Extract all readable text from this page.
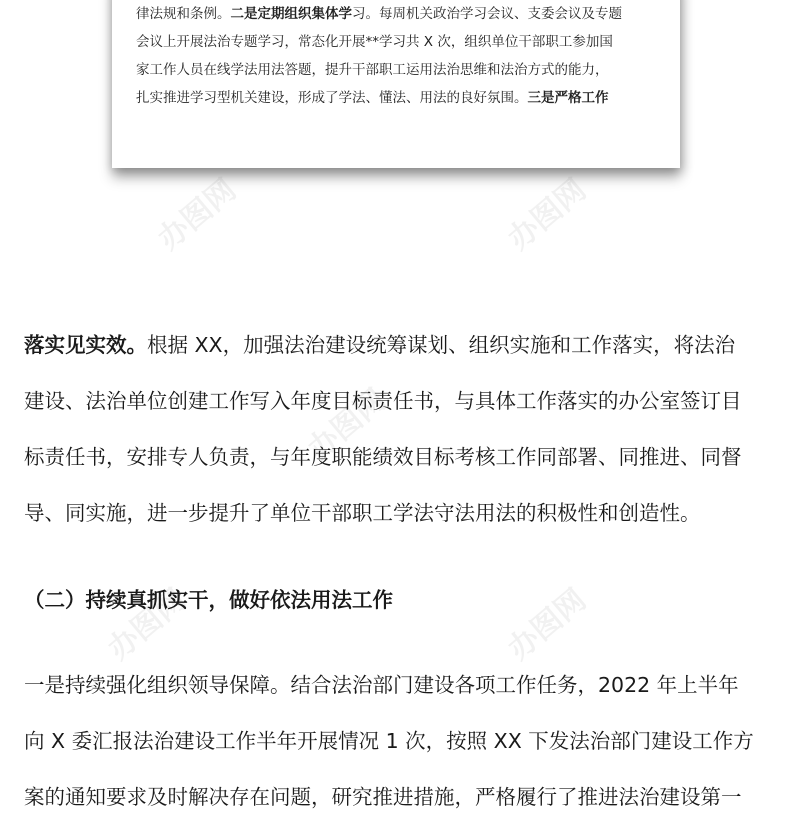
办图网	办图网
办图网
办图网
办图网
律法规和条例。二是定期组织集体学习。每周机关政治学习会议、支委会议及专题
会议上开展法治专题学习，常态化开展**学习共 X 次，组织单位干部职工参加国
家工作人员在线学法用法答题，提升干部职工运用法治思维和法治方式的能力，
扎实推进学习型机关建设，形成了学法、懂法、用法的良好氛围。三是严格工作
落实见实效。根据 XX，加强法治建设统筹谋划、组织实施和工作落实，将法治
建设、法治单位创建工作写入年度目标责任书，与具体工作落实的办公室签订目
标责任书，安排专人负责，与年度职能绩效目标考核工作同部署、同推进、同督
导、同实施，进一步提升了单位干部职工学法守法用法的积极性和创造性。
（二）持续真抓实干，做好依法用法工作
一是持续强化组织领导保障。结合法治部门建设各项工作任务，2022 年上半年
向 X 委汇报法治建设工作半年开展情况 1 次，按照 XX 下发法治部门建设工作方
案的通知要求及时解决存在问题，研究推进措施，严格履行了推进法治建设第一
